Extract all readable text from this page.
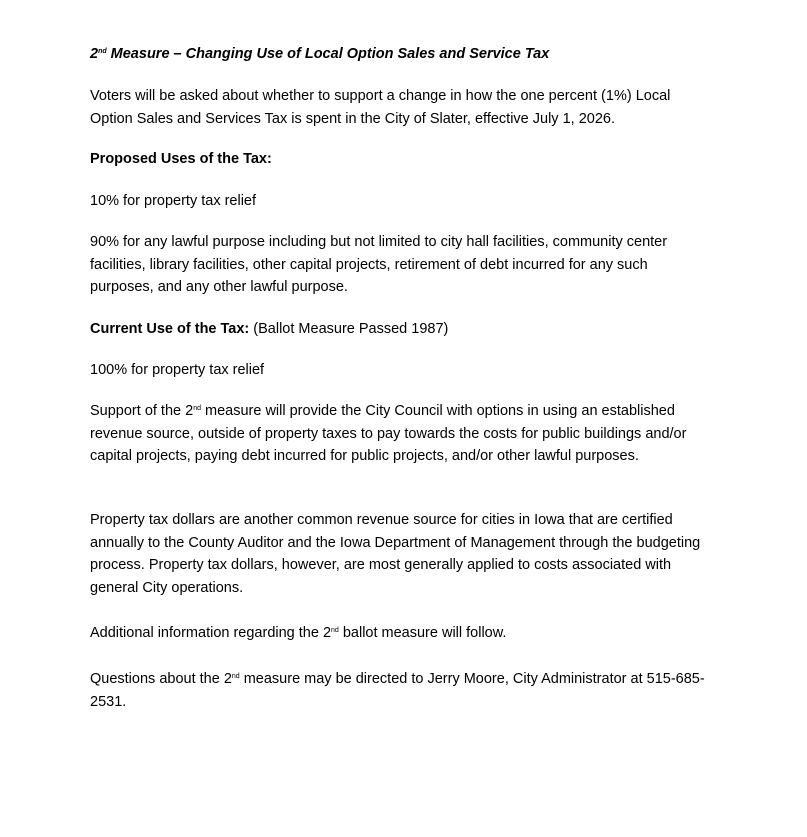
2nd Measure – Changing Use of Local Option Sales and Service Tax

Voters will be asked about whether to support a change in how the one percent (1%) Local Option Sales and Services Tax is spent in the City of Slater, effective July 1, 2026.

Proposed Uses of the Tax:

10% for property tax relief

90% for any lawful purpose including but not limited to city hall facilities, community center facilities, library facilities, other capital projects, retirement of debt incurred for any such purposes, and any other lawful purpose.

Current Use of the Tax: (Ballot Measure Passed 1987)

100% for property tax relief

Support of the 2nd measure will provide the City Council with options in using an established revenue source, outside of property taxes to pay towards the costs for public buildings and/or capital projects, paying debt incurred for public projects, and/or other lawful purposes.

Property tax dollars are another common revenue source for cities in Iowa that are certified annually to the County Auditor and the Iowa Department of Management through the budgeting process. Property tax dollars, however, are most generally applied to costs associated with general City operations.

Additional information regarding the 2nd ballot measure will follow.

Questions about the 2nd measure may be directed to Jerry Moore, City Administrator at 515-685-2531.
